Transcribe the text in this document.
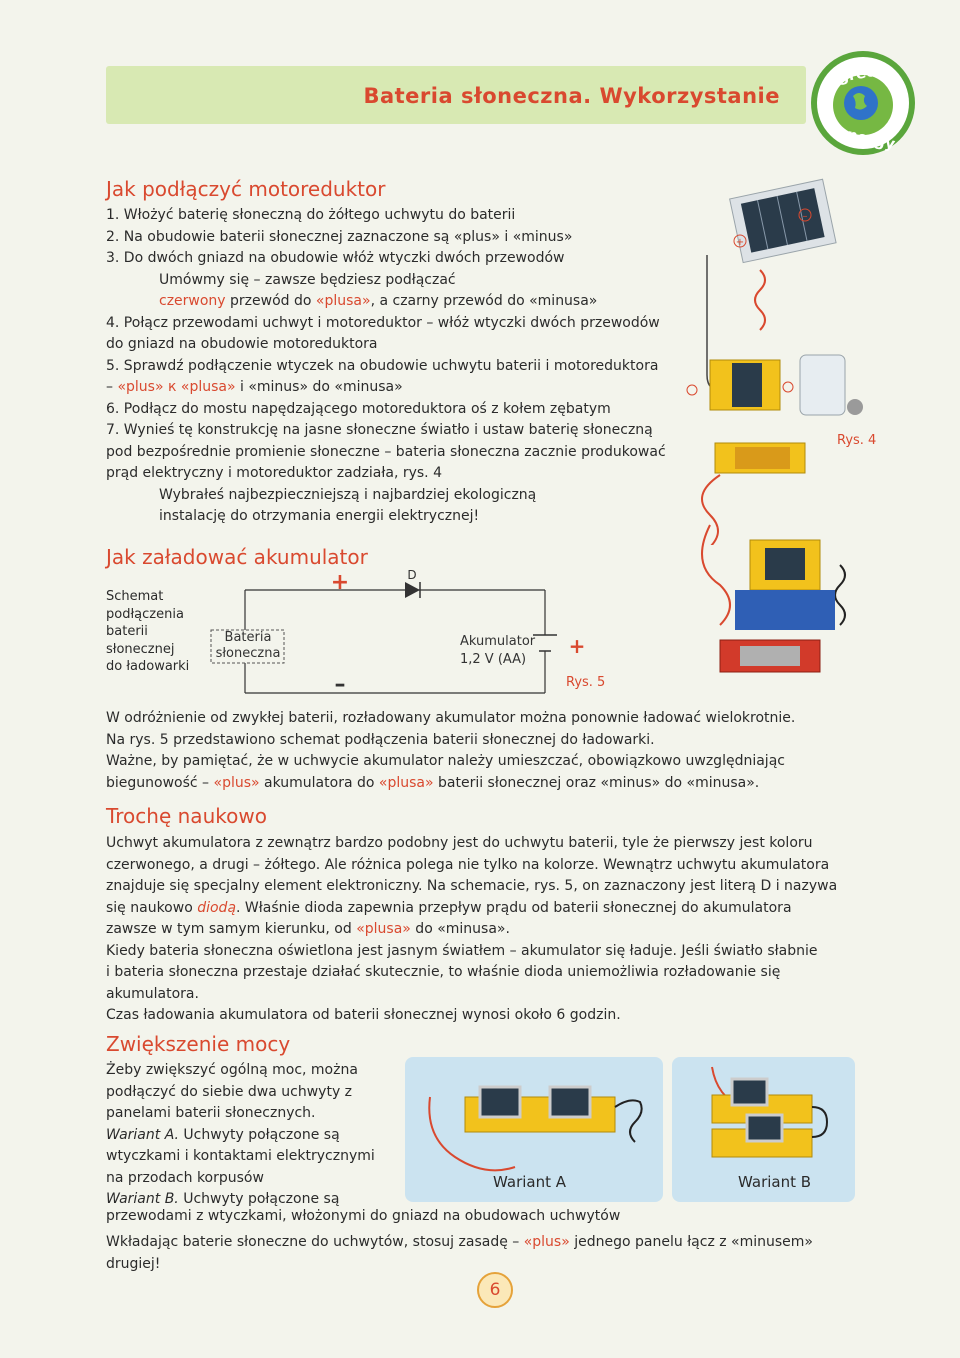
Bateria słoneczna. Wykorzystanie
green
energy
Jak podłączyć motoreduktor
1. Włożyć baterię słoneczną do żółtego uchwytu do baterii
2. Na obudowie baterii słonecznej zaznaczone są «plus» i «minus»
3. Do dwóch gniazd na obudowie włóż wtyczki dwóch przewodów
Umówmy się – zawsze będziesz podłączać
czerwony przewód do «plusa», a czarny przewód do «minusa»
4. Połącz przewodami uchwyt i motoreduktor – włóż wtyczki dwóch przewodów
do gniazd na obudowie motoreduktora
5. Sprawdź podłączenie wtyczek na obudowie uchwytu baterii i motoreduktora
– «plus» к «plusa» i «minus» do «minusa»
6. Podłącz do mostu napędzającego motoreduktora oś z kołem zębatym
7. Wynieś tę konstrukcję na jasne słoneczne światło i ustaw baterię słoneczną
pod bezpośrednie promienie słoneczne – bateria słoneczna zacznie produkować
prąd elektryczny i motoreduktor zadziała, rys. 4
Wybrałeś najbezpieczniejszą i najbardziej ekologiczną
instalację do otrzymania energii elektrycznej!
+
–
Rys. 4
Jak załadować akumulator
Schemat
podłączenia
baterii
słonecznej
do ładowarki
Bateria
słoneczna
D
+
–
Akumulator
1,2 V (AA)
+
Rys. 5
W odróżnienie od zwykłej baterii, rozładowany akumulator można ponownie ładować wielokrotnie.
Na rys. 5 przedstawiono schemat podłączenia baterii słonecznej do ładowarki.
Ważne, by pamiętać, że w uchwycie akumulator należy umieszczać, obowiązkowo uwzględniając
biegunowość – «plus» akumulatora do «plusa» baterii słonecznej oraz «minus» do «minusa».
Trochę naukowo
Uchwyt akumulatora z zewnątrz bardzo podobny jest do uchwytu baterii, tyle że pierwszy jest koloru
czerwonego, a drugi – żółtego. Ale różnica polega nie tylko na kolorze. Wewnątrz uchwytu akumulatora
znajduje się specjalny element elektroniczny. Na schemacie, rys. 5, on zaznaczony jest literą D i nazywa
się naukowo diodą. Właśnie dioda zapewnia przepływ prądu od baterii słonecznej do akumulatora
zawsze w tym samym kierunku, od «plusa» do «minusa».
Kiedy bateria słoneczna oświetlona jest jasnym światłem – akumulator się ładuje. Jeśli światło słabnie
i bateria słoneczna przestaje działać skutecznie, to właśnie dioda uniemożliwia rozładowanie się
akumulatora.
Czas ładowania akumulatora od baterii słonecznej wynosi około 6 godzin.
Zwiększenie mocy
Żeby zwiększyć ogólną moc, można
podłączyć do siebie dwa uchwyty z
panelami baterii słonecznych.
Wariant A. Uchwyty połączone są
wtyczkami i kontaktami elektrycznymi
na przodach korpusów
Wariant B. Uchwyty połączone są
przewodami z wtyczkami, włożonymi do gniazd na obudowach uchwytów
Wkładając baterie słoneczne do uchwytów, stosuj zasadę – «plus» jednego panelu łącz z «minusem»
drugiej!
Wariant A	Wariant B
6
